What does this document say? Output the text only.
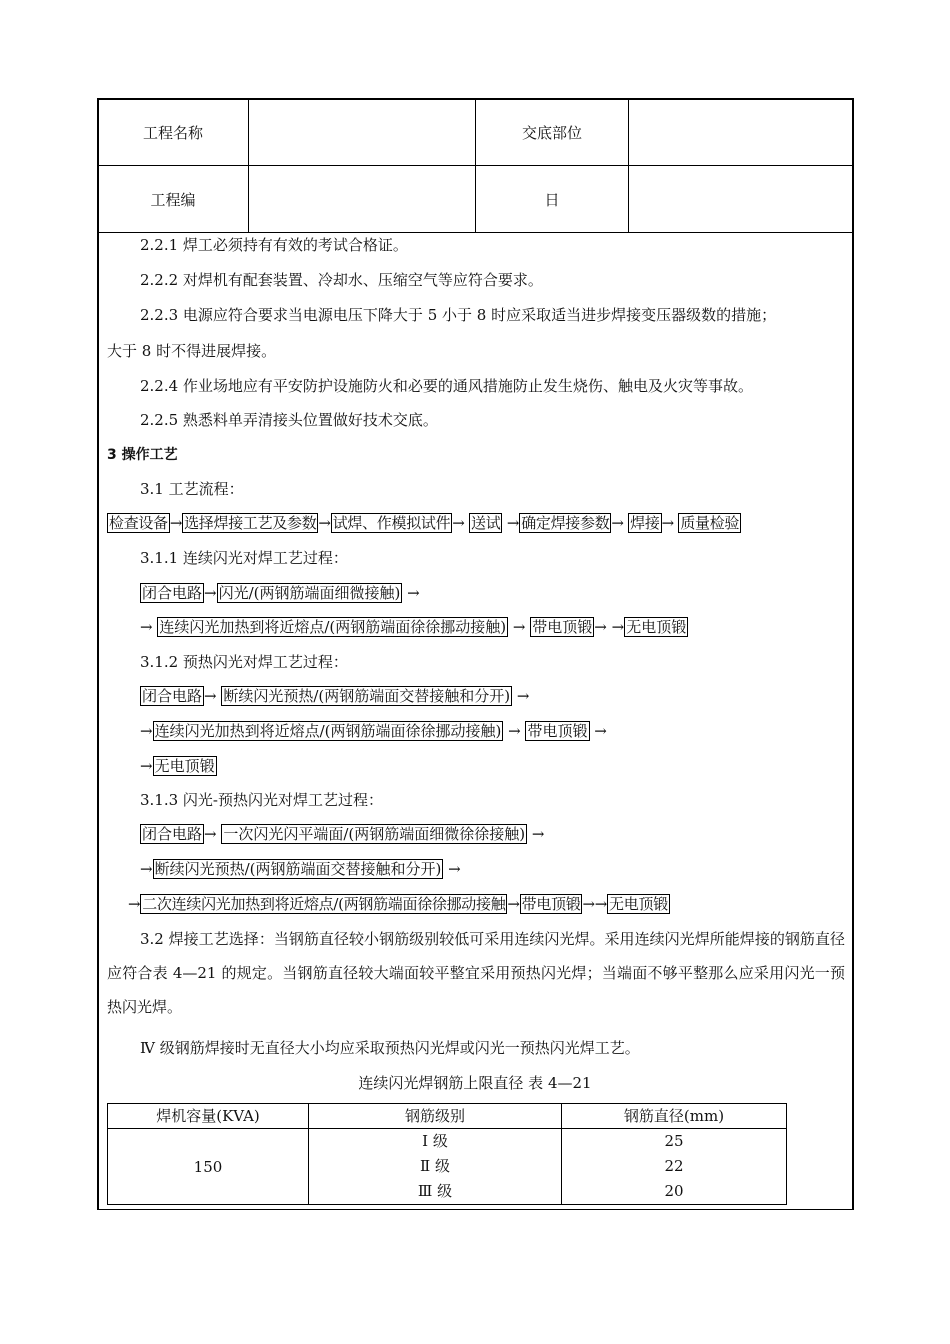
工程名称		交底部位	
工程编		日	
2.2.1 焊工必须持有有效的考试合格证。
2.2.2 对焊机有配套装置、冷却水、压缩空气等应符合要求。
2.2.3 电源应符合要求当电源电压下降大于 5 小于 8 时应采取适当进步焊接变压器级数的措施；
大于 8 时不得进展焊接。
2.2.4 作业场地应有平安防护设施防火和必要的通风措施防止发生烧伤、触电及火灾等事故。
2.2.5 熟悉料单弄清接头位置做好技术交底。
3 操作工艺
3.1 工艺流程：
检查设备 → 选择焊接工艺及参数 → 试焊、作模拟试件 → 送试 → 确定焊接参数 → 焊接 → 质量检验
3.1.1 连续闪光对焊工艺过程：
闭合电路 → 闪光/(两钢筋端面细微接触) →
→ 连续闪光加热到将近熔点/(两钢筋端面徐徐挪动接触) → 带电顶锻 → → 无电顶锻
3.1.2 预热闪光对焊工艺过程：
闭合电路 → 断续闪光预热/(两钢筋端面交替接触和分开) →
→ 连续闪光加热到将近熔点/(两钢筋端面徐徐挪动接触) → 带电顶锻 →
→ 无电顶锻
3.1.3 闪光-预热闪光对焊工艺过程：
闭合电路 → 一次闪光闪平端面/(两钢筋端面细微徐徐接触) →
→ 断续闪光预热/(两钢筋端面交替接触和分开) →
→ 二次连续闪光加热到将近熔点/(两钢筋端面徐徐挪动接触 → 带电顶锻 →→ 无电顶锻
3.2 焊接工艺选择：当钢筋直径较小钢筋级别较低可采用连续闪光焊。采用连续闪光焊所能焊接的钢筋直径应符合表 4—21 的规定。当钢筋直径较大端面较平整宜采用预热闪光焊；当端面不够平整那么应采用闪光一预热闪光焊。
Ⅳ 级钢筋焊接时无直径大小均应采取预热闪光焊或闪光一预热闪光焊工艺。
连续闪光焊钢筋上限直径 表 4—21
焊机容量(KVA)	钢筋级别	钢筋直径(mm)
150	Ⅰ 级	25
	Ⅱ 级	22
	Ⅲ 级	20
